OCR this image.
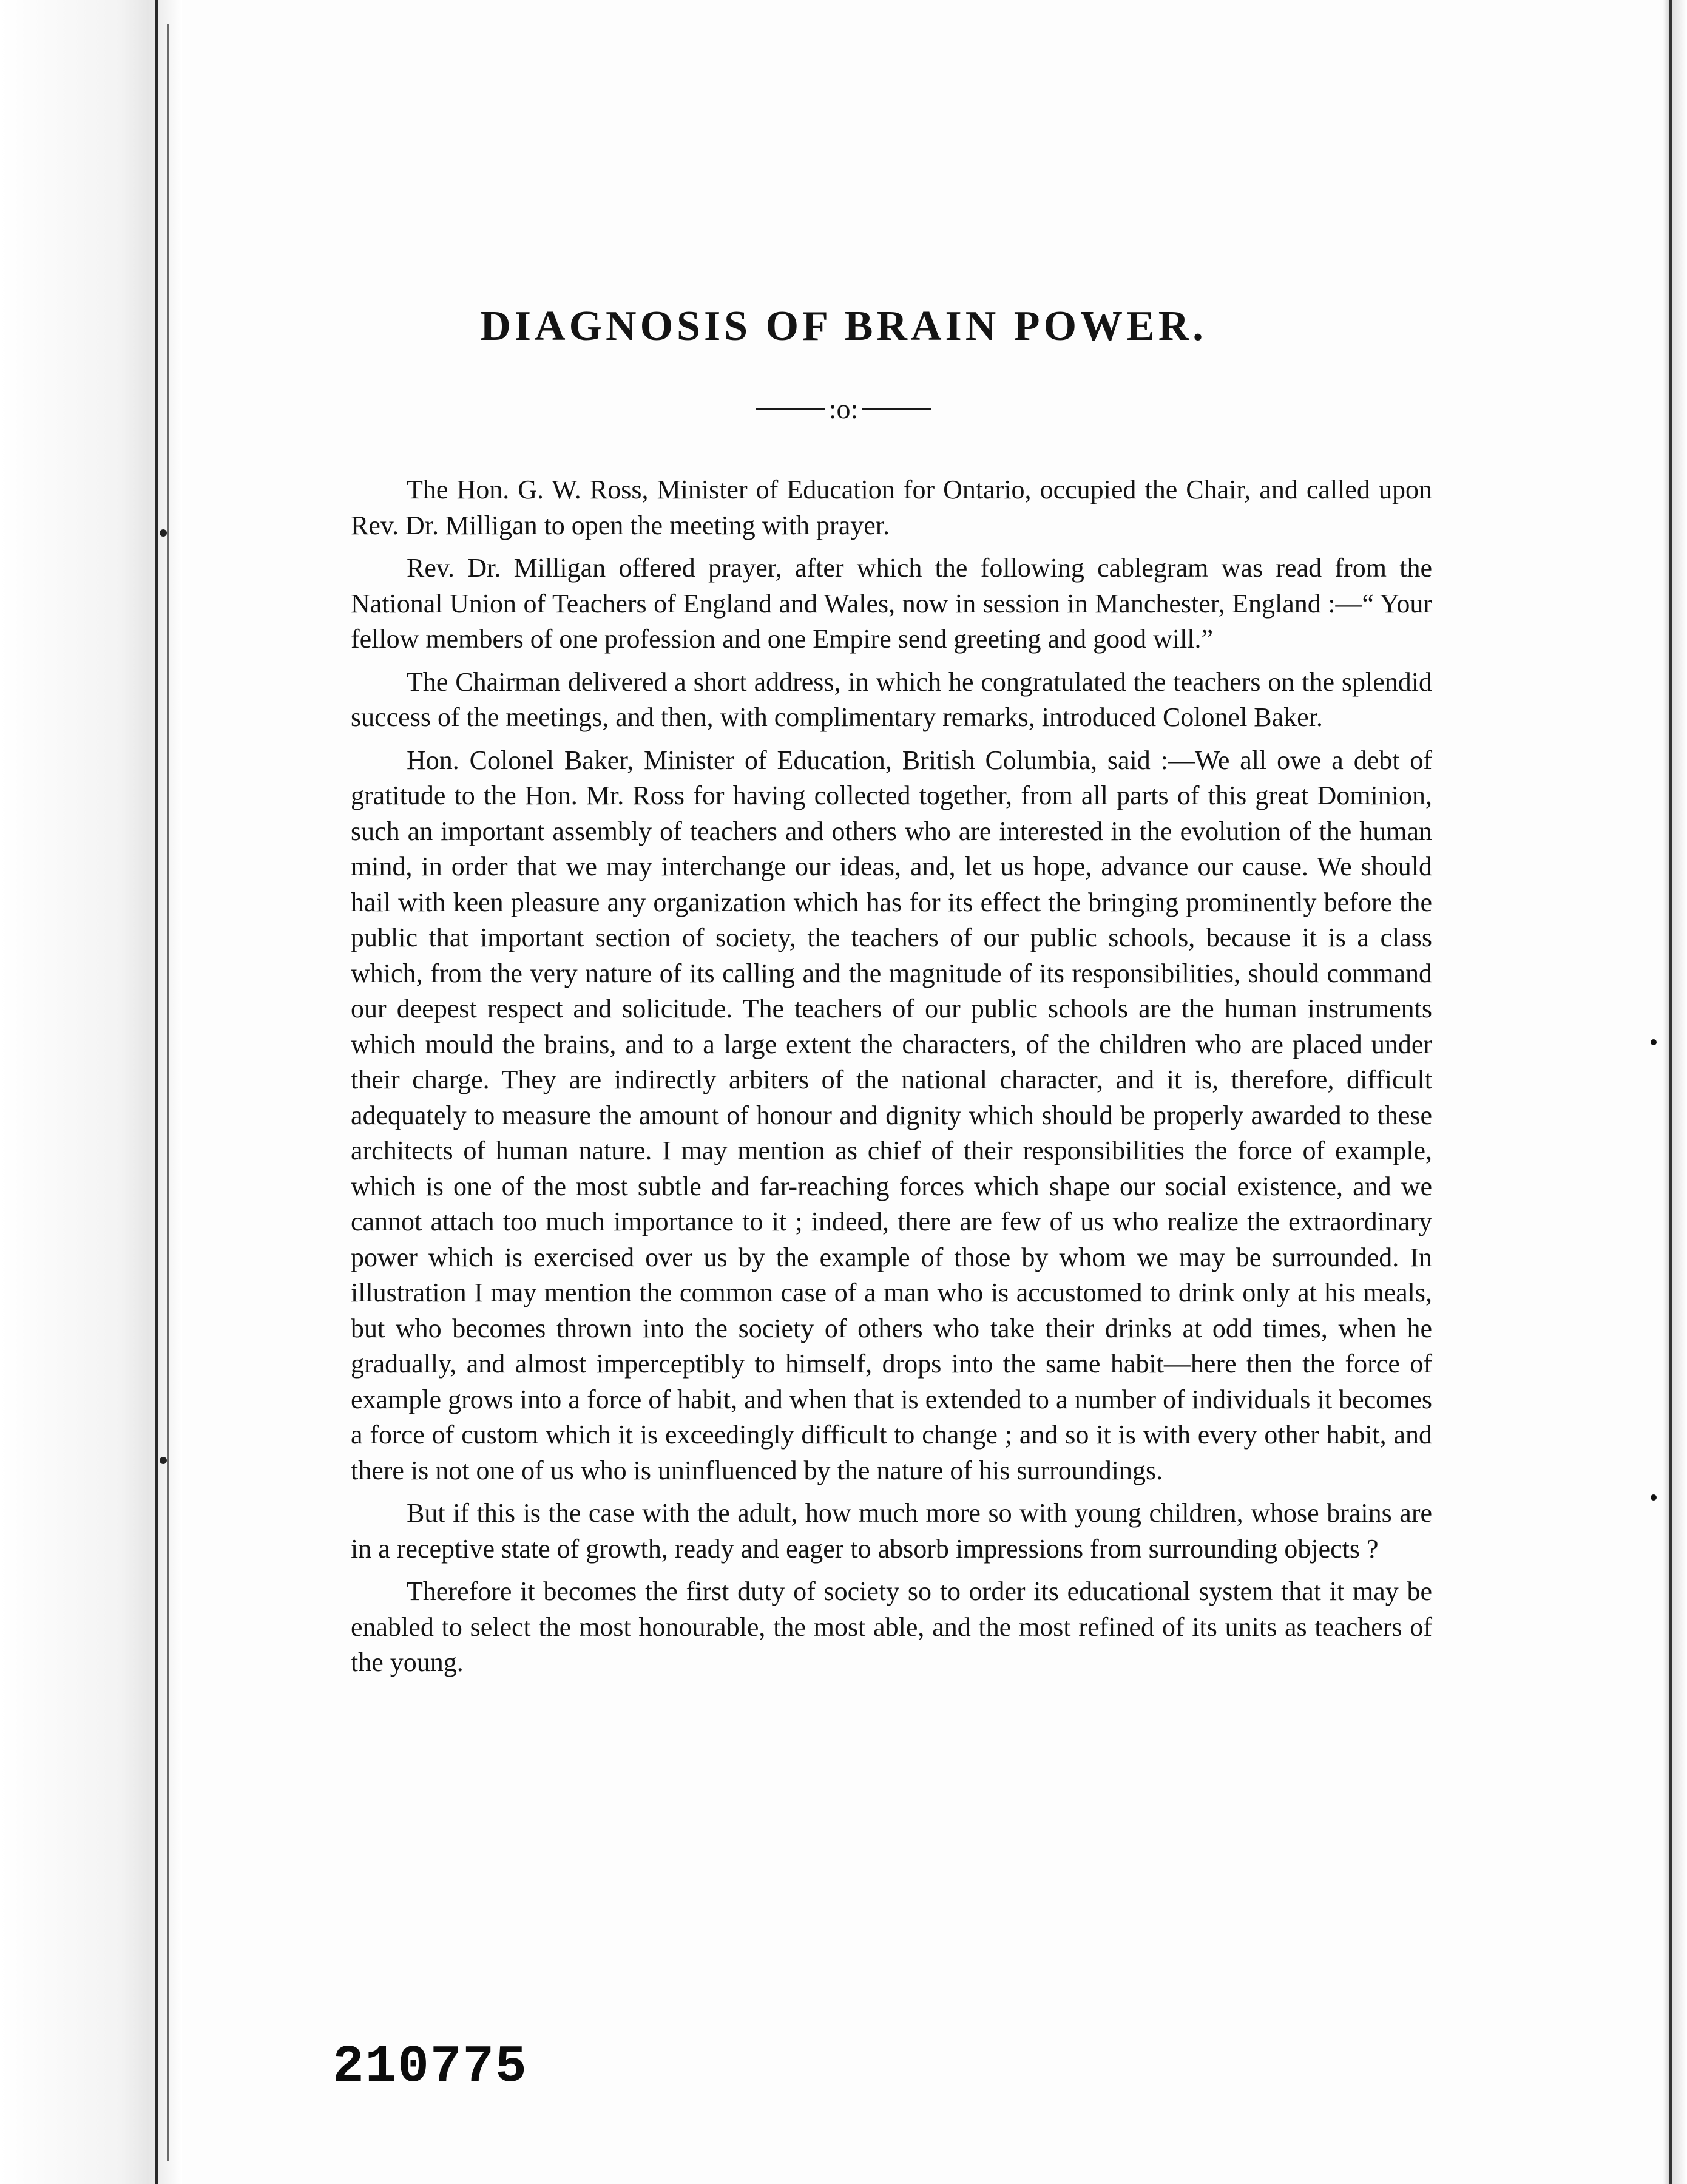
DIAGNOSIS OF BRAIN POWER.
:o:

The Hon. G. W. Ross, Minister of Education for Ontario, occupied the Chair, and called upon Rev. Dr. Milligan to open the meeting with prayer.

Rev. Dr. Milligan offered prayer, after which the following cablegram was read from the National Union of Teachers of England and Wales, now in session in Manchester, England :—“ Your fellow members of one profession and one Empire send greeting and good will.”

The Chairman delivered a short address, in which he congratulated the teachers on the splendid success of the meetings, and then, with complimentary remarks, introduced Colonel Baker.

Hon. Colonel Baker, Minister of Education, British Columbia, said :—We all owe a debt of gratitude to the Hon. Mr. Ross for having collected together, from all parts of this great Dominion, such an important assembly of teachers and others who are interested in the evolution of the human mind, in order that we may interchange our ideas, and, let us hope, advance our cause. We should hail with keen pleasure any organization which has for its effect the bringing prominently before the public that important section of society, the teachers of our public schools, because it is a class which, from the very nature of its calling and the magnitude of its responsibilities, should command our deepest respect and solicitude. The teachers of our public schools are the human instruments which mould the brains, and to a large extent the characters, of the children who are placed under their charge. They are indirectly arbiters of the national character, and it is, therefore, difficult adequately to measure the amount of honour and dignity which should be properly awarded to these architects of human nature. I may mention as chief of their responsibilities the force of example, which is one of the most subtle and far-reaching forces which shape our social existence, and we cannot attach too much importance to it ; indeed, there are few of us who realize the extraordinary power which is exercised over us by the example of those by whom we may be surrounded. In illustration I may mention the common case of a man who is accustomed to drink only at his meals, but who becomes thrown into the society of others who take their drinks at odd times, when he gradually, and almost imperceptibly to himself, drops into the same habit—here then the force of example grows into a force of habit, and when that is extended to a number of individuals it becomes a force of custom which it is exceedingly difficult to change ; and so it is with every other habit, and there is not one of us who is uninfluenced by the nature of his surroundings.

But if this is the case with the adult, how much more so with young children, whose brains are in a receptive state of growth, ready and eager to absorb impressions from surrounding objects ?

Therefore it becomes the first duty of society so to order its educational system that it may be enabled to select the most honourable, the most able, and the most refined of its units as teachers of the young.

210775
